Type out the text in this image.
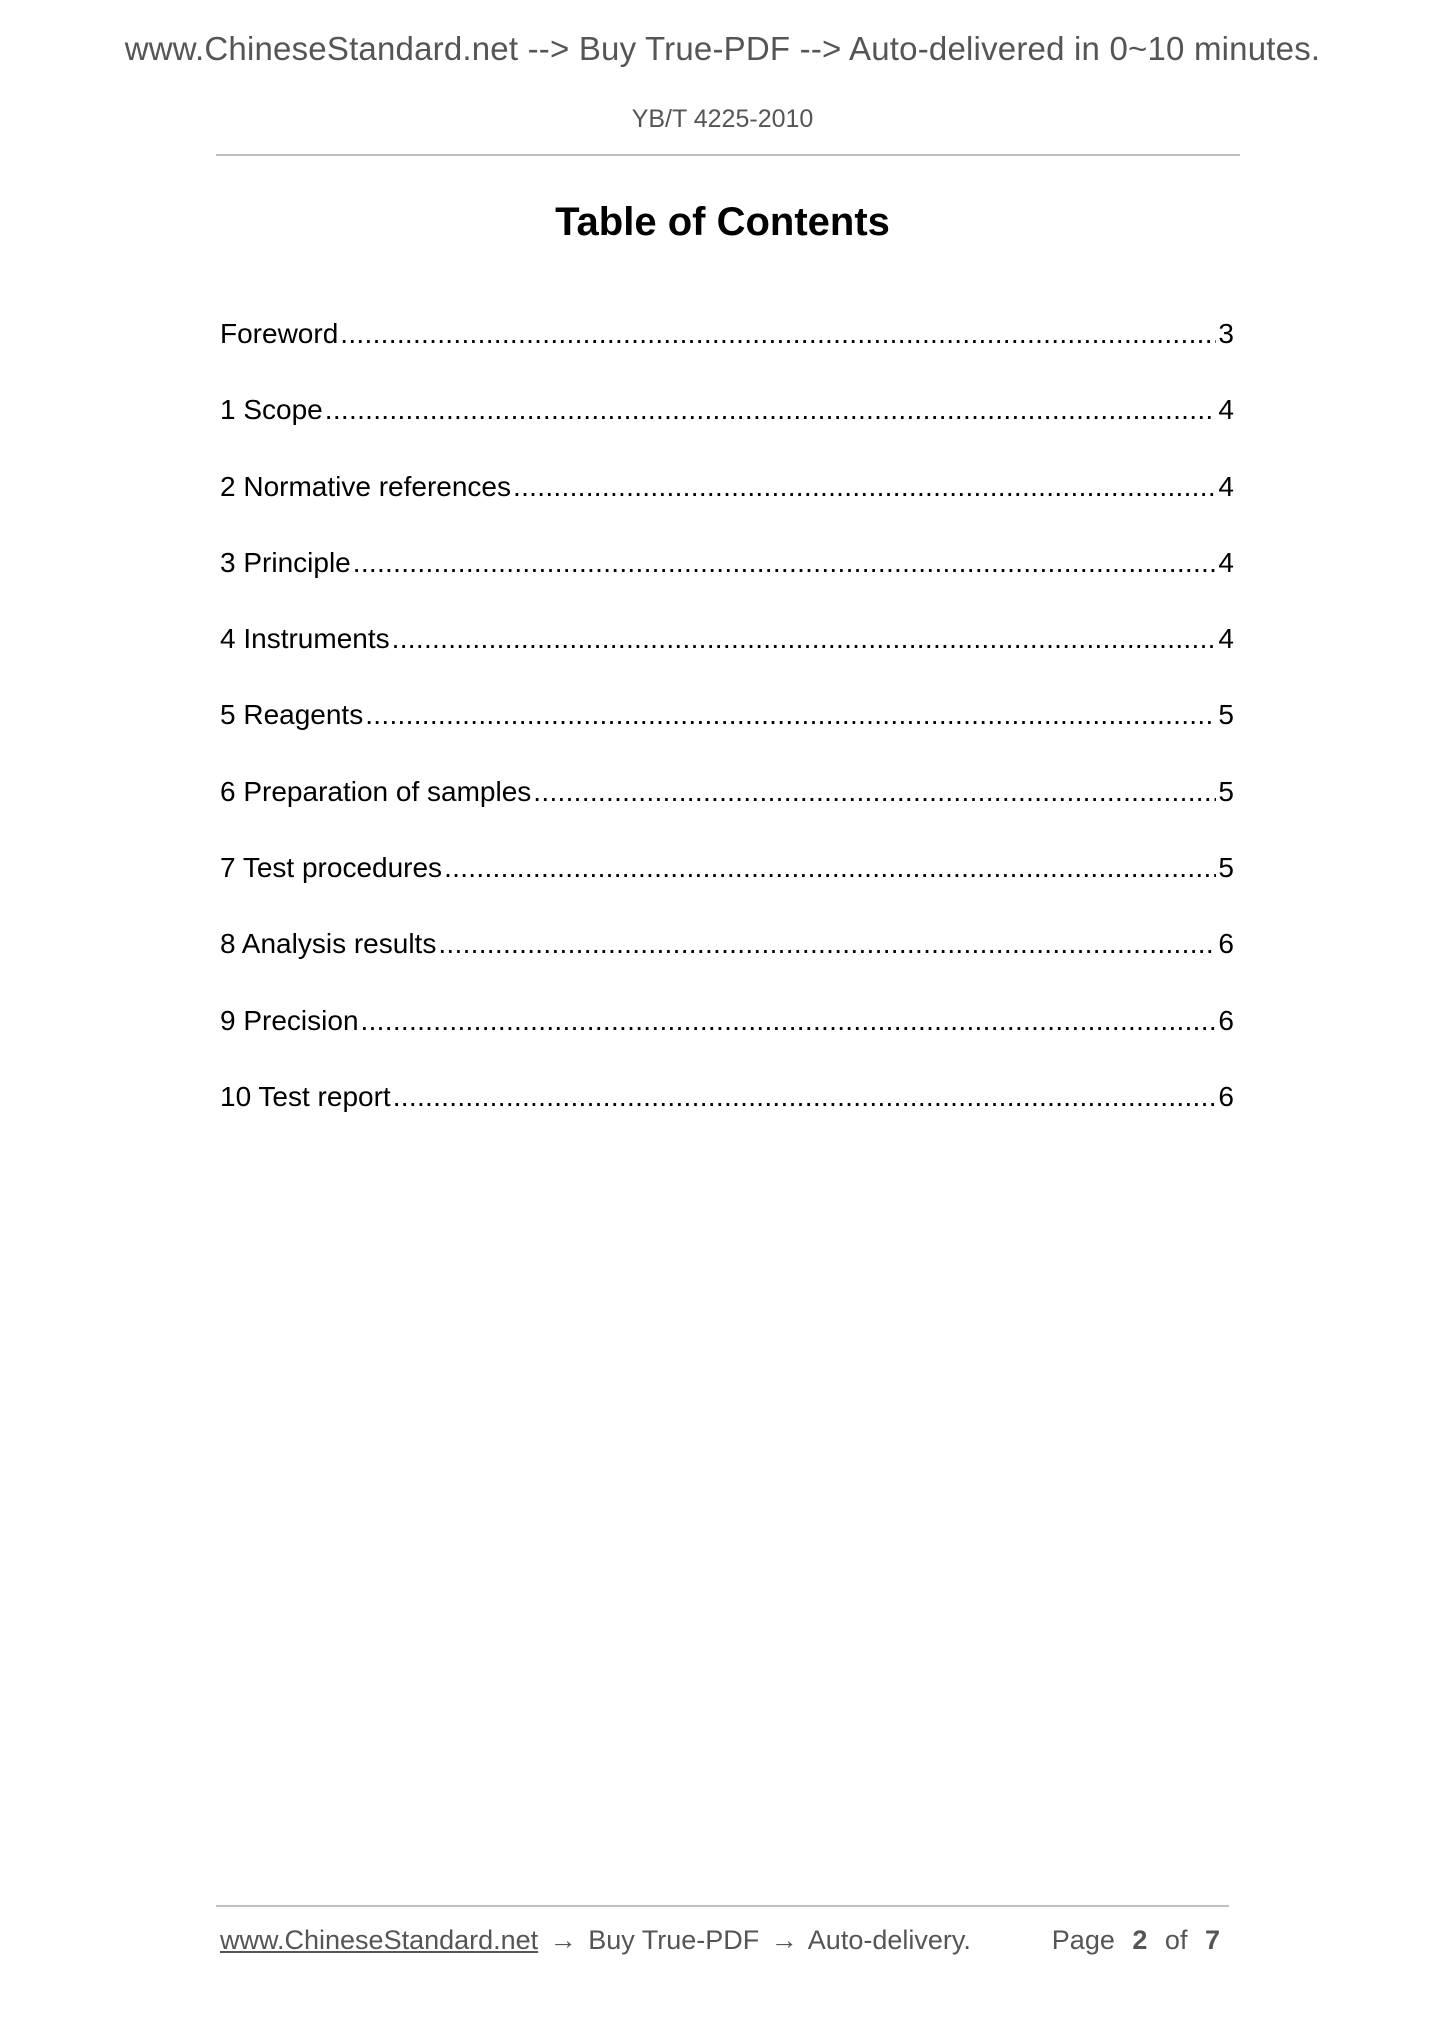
www.ChineseStandard.net --> Buy True-PDF --> Auto-delivered in 0~10 minutes.
YB/T 4225-2010
Table of Contents
Foreword .....	3
1 Scope .....	4
2 Normative references .....	4
3 Principle .....	4
4 Instruments .....	4
5 Reagents .....	5
6 Preparation of samples .....	5
7 Test procedures .....	5
8 Analysis results .....	6
9 Precision .....	6
10 Test report .....	6
www.ChineseStandard.net → Buy True-PDF → Auto-delivery.	Page 2 of 7
